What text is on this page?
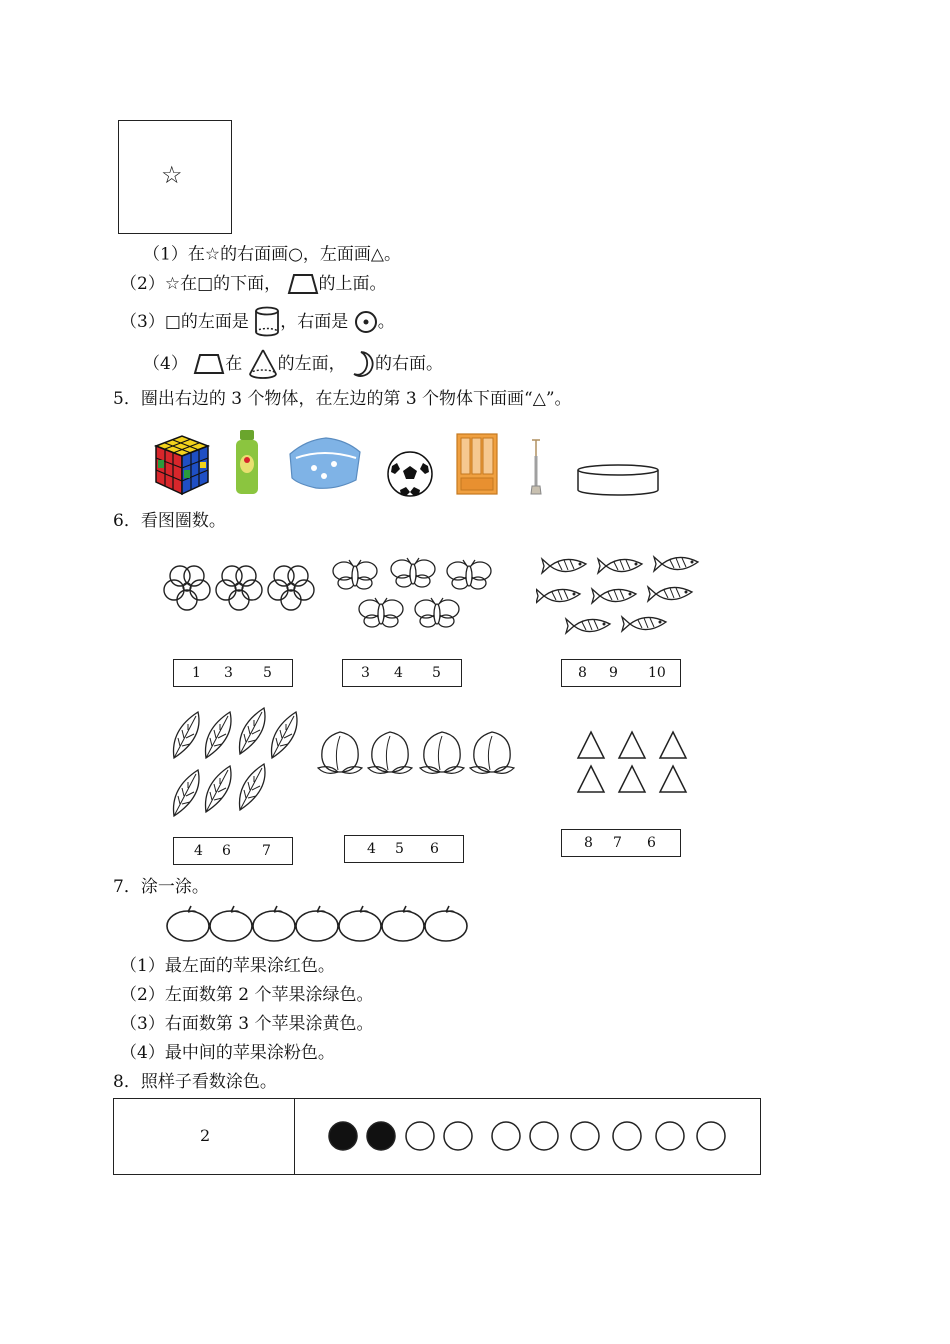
☆
（1）在☆的右面画○，左面画△。
（2）☆在□的下面， 的上面。
（3）□的左面是 ，右面是 。
（4） 在 的左面， 的右面。
5．圈出右边的 3 个物体，在左边的第 3 个物体下面画“△”。
6．看图圈数。
1 3 5	3 4 5	8 9 10
4 6 7	4 5 6	8 7 6
7．涂一涂。
（1）最左面的苹果涂红色。
（2）左面数第 2 个苹果涂绿色。
（3）右面数第 3 个苹果涂黄色。
（4）最中间的苹果涂粉色。
8．照样子看数涂色。
2
